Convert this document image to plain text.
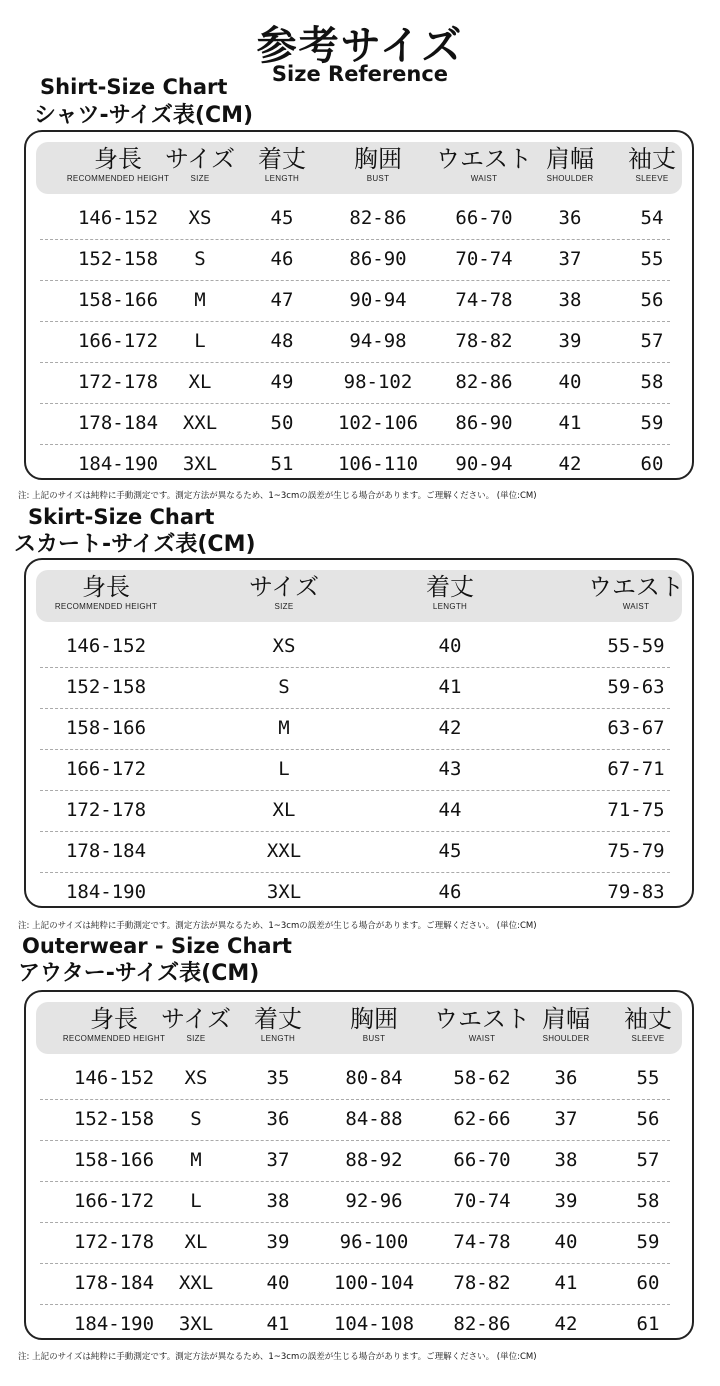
参考サイズ
Size Reference
Shirt-Size Chart
シャツ-サイズ表(CM)
身長
RECOMMENDED HEIGHT
サイズ
SIZE
着丈
LENGTH
胸囲
BUST
ウエスト
WAIST
肩幅
SHOULDER
袖丈
SLEEVE
146-152 XS	45	82-86	66-70 36	54
152-158 S	46	86-90	70-74 37	55
158-166 M	47	90-94	74-78 38	56
166-172 L	48	94-98	78-82 39	57
172-178 XL	49	98-102 82-86 40	58
178-184 XXL	50 102-106 86-90 41	59
184-190 3XL	51 106-110 90-94 42	60
注: 上記のサイズは純粋に手動測定です。測定方法が異なるため、1~3cmの誤差が生じる場合があります。ご理解ください。 (単位:CM)
Skirt-Size Chart
スカート-サイズ表(CM)
身長
RECOMMENDED HEIGHT
サイズ
SIZE
着丈
LENGTH
ウエスト
WAIST
146-152	XS	40	55-59
152-158	S	41	59-63
158-166	M	42	63-67
166-172	L	43	67-71
172-178	XL	44	71-75
178-184	XXL	45	75-79
184-190	3XL	46	79-83
注: 上記のサイズは純粋に手動測定です。測定方法が異なるため、1~3cmの誤差が生じる場合があります。ご理解ください。 (単位:CM)
Outerwear - Size Chart
アウター-サイズ表(CM)
身長
RECOMMENDED HEIGHT
サイズ
SIZE
着丈
LENGTH
胸囲
BUST
ウエスト
WAIST
肩幅
SHOULDER
袖丈
SLEEVE
146-152 XS	35	80-84	58-62 36	55
152-158 S	36	84-88	62-66 37	56
158-166 M	37	88-92	66-70 38	57
166-172 L	38	92-96	70-74 39	58
172-178 XL	39	96-100 74-78 40	59
178-184 XXL	40 100-104 78-82 41	60
184-190 3XL	41 104-108 82-86 42	61
注: 上記のサイズは純粋に手動測定です。測定方法が異なるため、1~3cmの誤差が生じる場合があります。ご理解ください。 (単位:CM)
